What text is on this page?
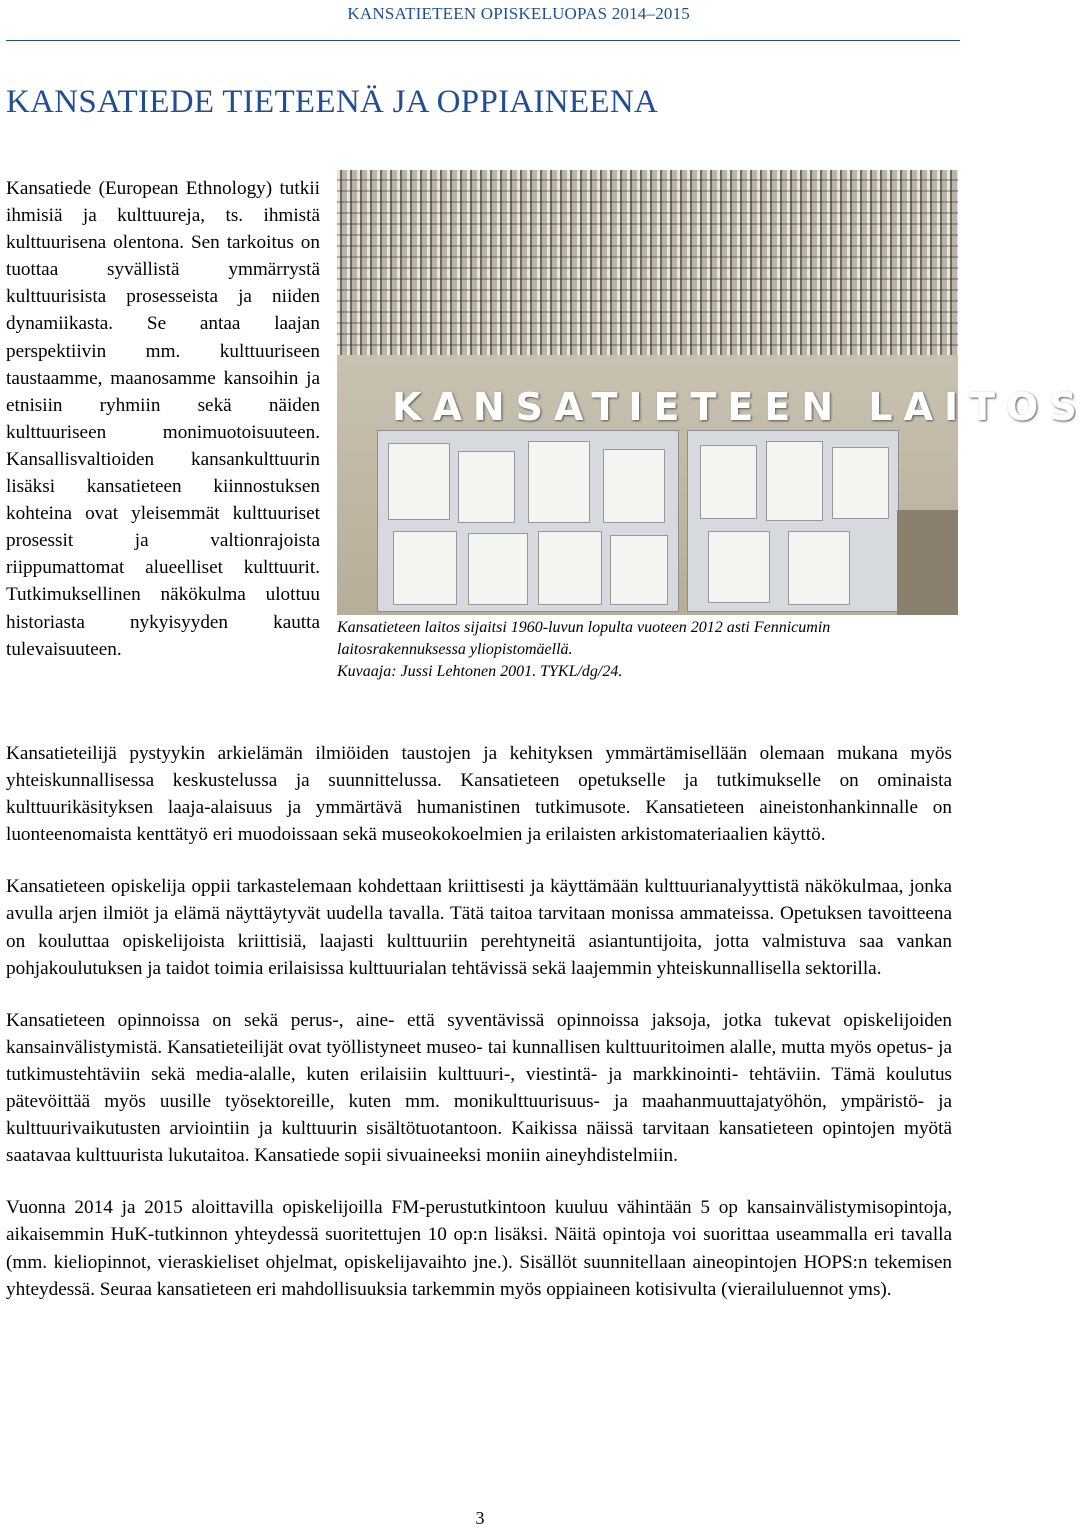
KANSATIETEEN OPISKELUOPAS 2014–2015
KANSATIEDE TIETEENÄ JA OPPIAINEENA

Kansatiede (European Ethnology) tutkii ihmisiä ja kulttuureja, ts. ihmistä kulttuurisena olentona. Sen tarkoitus on tuottaa syvällistä ymmärrystä kulttuurisista prosesseista ja niiden dynamiikasta. Se antaa laajan perspektiivin mm. kulttuuriseen taustaamme, maanosamme kansoihin ja etnisiin ryhmiin sekä näiden kulttuuriseen monimuotoisuuteen. Kansallisvaltioiden kansankulttuurin lisäksi kansatieteen kiinnostuksen kohteina ovat yleisemmät kulttuuriset prosessit ja valtionrajoista riippumattomat alueelliset kulttuurit. Tutkimuksellinen näkökulma ulottuu historiasta nykyisyyden kautta tulevaisuuteen.

KANSATIETEEN LAITOS

Kansatieteen laitos sijaitsi 1960-luvun lopulta vuoteen 2012 asti Fennicumin laitosrakennuksessa yliopistomäellä.

Kuvaaja: Jussi Lehtonen 2001. TYKL/dg/24.

Kansatieteilijä pystyykin arkielämän ilmiöiden taustojen ja kehityksen ymmärtämisellään olemaan mukana myös yhteiskunnallisessa keskustelussa ja suunnittelussa. Kansatieteen opetukselle ja tutkimukselle on ominaista kulttuurikäsityksen laaja-alaisuus ja ymmärtävä humanistinen tutkimusote. Kansatieteen aineistonhankinnalle on luonteenomaista kenttätyö eri muodoissaan sekä museokokoelmien ja erilaisten arkistomateriaalien käyttö.

Kansatieteen opiskelija oppii tarkastelemaan kohdettaan kriittisesti ja käyttämään kulttuurianalyyttistä näkökulmaa, jonka avulla arjen ilmiöt ja elämä näyttäytyvät uudella tavalla. Tätä taitoa tarvitaan monissa ammateissa. Opetuksen tavoitteena on kouluttaa opiskelijoista kriittisiä, laajasti kulttuuriin perehtyneitä asiantuntijoita, jotta valmistuva saa vankan pohjakoulutuksen ja taidot toimia erilaisissa kulttuurialan tehtävissä sekä laajemmin yhteiskunnallisella sektorilla.

Kansatieteen opinnoissa on sekä perus-, aine- että syventävissä opinnoissa jaksoja, jotka tukevat opiskelijoiden kansainvälistymistä. Kansatieteilijät ovat työllistyneet museo- tai kunnallisen kulttuuritoimen alalle, mutta myös opetus- ja tutkimustehtäviin sekä media-alalle, kuten erilaisiin kulttuuri-, viestintä- ja markkinointi- tehtäviin. Tämä koulutus pätevöittää myös uusille työsektoreille, kuten mm. monikulttuurisuus- ja maahanmuuttajatyöhön, ympäristö- ja kulttuurivaikutusten arviointiin ja kulttuurin sisältötuotantoon. Kaikissa näissä tarvitaan kansatieteen opintojen myötä saatavaa kulttuurista lukutaitoa. Kansatiede sopii sivuaineeksi moniin aineyhdistelmiin.

Vuonna 2014 ja 2015 aloittavilla opiskelijoilla FM-perustutkintoon kuuluu vähintään 5 op kansainvälistymisopintoja, aikaisemmin HuK-tutkinnon yhteydessä suoritettujen 10 op:n lisäksi. Näitä opintoja voi suorittaa useammalla eri tavalla (mm. kieliopinnot, vieraskieliset ohjelmat, opiskelijavaihto jne.). Sisällöt suunnitellaan aineopintojen HOPS:n tekemisen yhteydessä. Seuraa kansatieteen eri mahdollisuuksia tarkemmin myös oppiaineen kotisivulta (vierailuluennot yms).

3
